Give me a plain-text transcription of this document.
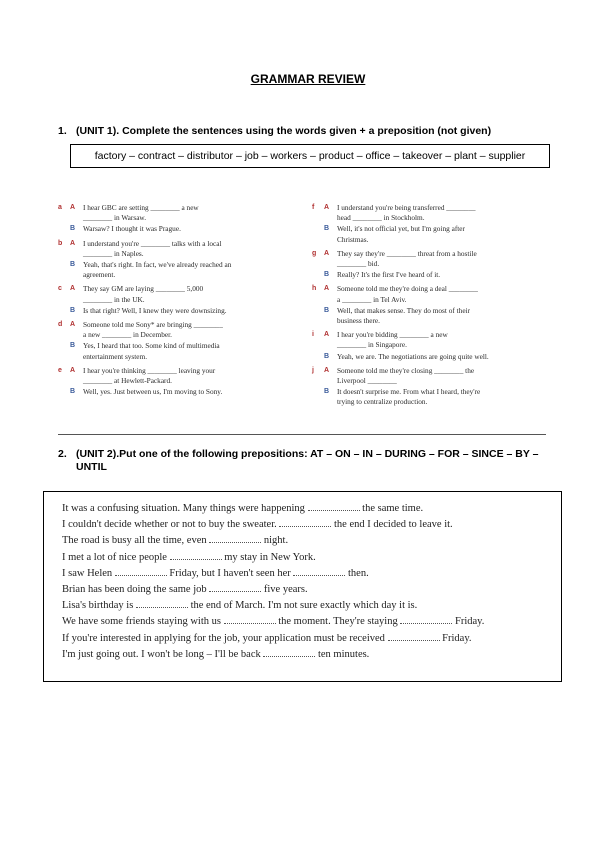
GRAMMAR REVIEW
1. (UNIT 1). Complete the sentences using the words given + a preposition (not given)
factory – contract – distributor – job – workers – product – office – takeover – plant – supplier
a	A	I hear GBC are setting ________ a new
________ in Warsaw.
B	Warsaw? I thought it was Prague.
b	A	I understand you're ________ talks with a local
________ in Naples.
B	Yeah, that's right. In fact, we've already reached an
agreement.
c	A	They say GM are laying ________ 5,000
________ in the UK.
B	Is that right? Well, I knew they were downsizing.
d	A	Someone told me Sony* are bringing ________
a new ________ in December.
B	Yes, I heard that too. Some kind of multimedia
entertainment system.
e	A	I hear you're thinking ________ leaving your
________ at Hewlett-Packard.
B	Well, yes. Just between us, I'm moving to Sony.
f	A	I understand you're being transferred ________
head ________ in Stockholm.
B	Well, it's not official yet, but I'm going after
Christmas.
g	A	They say they're ________ threat from a hostile
________ bid.
B	Really? It's the first I've heard of it.
h	A	Someone told me they're doing a deal ________
a ________ in Tel Aviv.
B	Well, that makes sense. They do most of their
business there.
i	A	I hear you're bidding ________ a new
________ in Singapore.
B	Yeah, we are. The negotiations are going quite well.
j	A	Someone told me they're closing ________ the
Liverpool ________
B	It doesn't surprise me. From what I heard, they're
trying to centralize production.
2. (UNIT 2).Put one of the following prepositions: AT – ON – IN – DURING – FOR – SINCE – BY –
UNTIL
It was a confusing situation. Many things were happening	the same time.
I couldn't decide whether or not to buy the sweater.	the end I decided to leave it.
The road is busy all the time, even	night.
I met a lot of nice people	my stay in New York.
I saw Helen	Friday, but I haven't seen her	then.
Brian has been doing the same job	five years.
Lisa's birthday is	the end of March. I'm not sure exactly which day it is.
We have some friends staying with us	the moment. They're staying	Friday.
If you're interested in applying for the job, your application must be received	Friday.
I'm just going out. I won't be long – I'll be back	ten minutes.
